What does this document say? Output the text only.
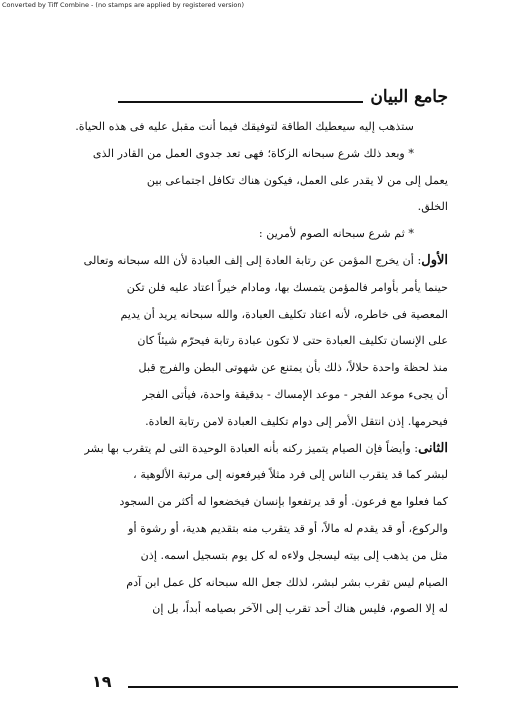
Converted by Tiff Combine - (no stamps are applied by registered version)
جامع البيان

ستذهب إليه سيعطيك الطاقة لتوفيقك فيما أنت مقبل عليه فى هذه الحياة.

* وبعد ذلك شرع سبحانه الزكاة؛ فهى تعد جدوى العمل من القادر الذى
يعمل إلى من لا يقدر على العمل، فيكون هناك تكافل اجتماعى بين
الخلق.

* ثم شرع سبحانه الصوم لأمرين :

الأول: أن يخرج المؤمن عن رتابة العادة إلى إلف العبادة لأن الله سبحانه وتعالى
حينما يأمر بأوامر فالمؤمن يتمسك بها، ومادام خيراً اعتاد عليه فلن تكن
المعصية فى خاطره، لأنه اعتاد تكليف العبادة، والله سبحانه يريد أن يديم
على الإنسان تكليف العبادة حتى لا تكون عبادة رتابة فيحرّم شيئاً كان
منذ لحظة واحدة حلالاً، ذلك بأن يمتنع عن شهوتى البطن والفرج قبل
أن يجىء موعد الفجر - موعد الإمساك - بدقيقة واحدة، فيأتى الفجر
فيحرمها. إذن انتقل الأمر إلى دوام تكليف العبادة لامن رتابة العادة.

الثانى: وأيضاً فإن الصيام يتميز ركنه بأنه العبادة الوحيدة التى لم يتقرب بها بشر
لبشر كما قد يتقرب الناس إلى فرد مثلاً فيرفعونه إلى مرتبة الألوهية ،
كما فعلوا مع فرعون. أو قد يرتفعوا بإنسان فيخضعوا له أكثر من السجود
والركوع، أو قد يقدم له مالاً، أو قد يتقرب منه بتقديم هدية، أو رشوة أو
مثل من يذهب إلى بيته ليسجل ولاءه له كل يوم بتسجيل اسمه. إذن
الصيام ليس تقرب بشر لبشر، لذلك جعل الله سبحانه كل عمل ابن آدم
له إلا الصوم، فليس هناك أحد تقرب إلى الآخر بصيامه أبداً، بل إن

١٩
